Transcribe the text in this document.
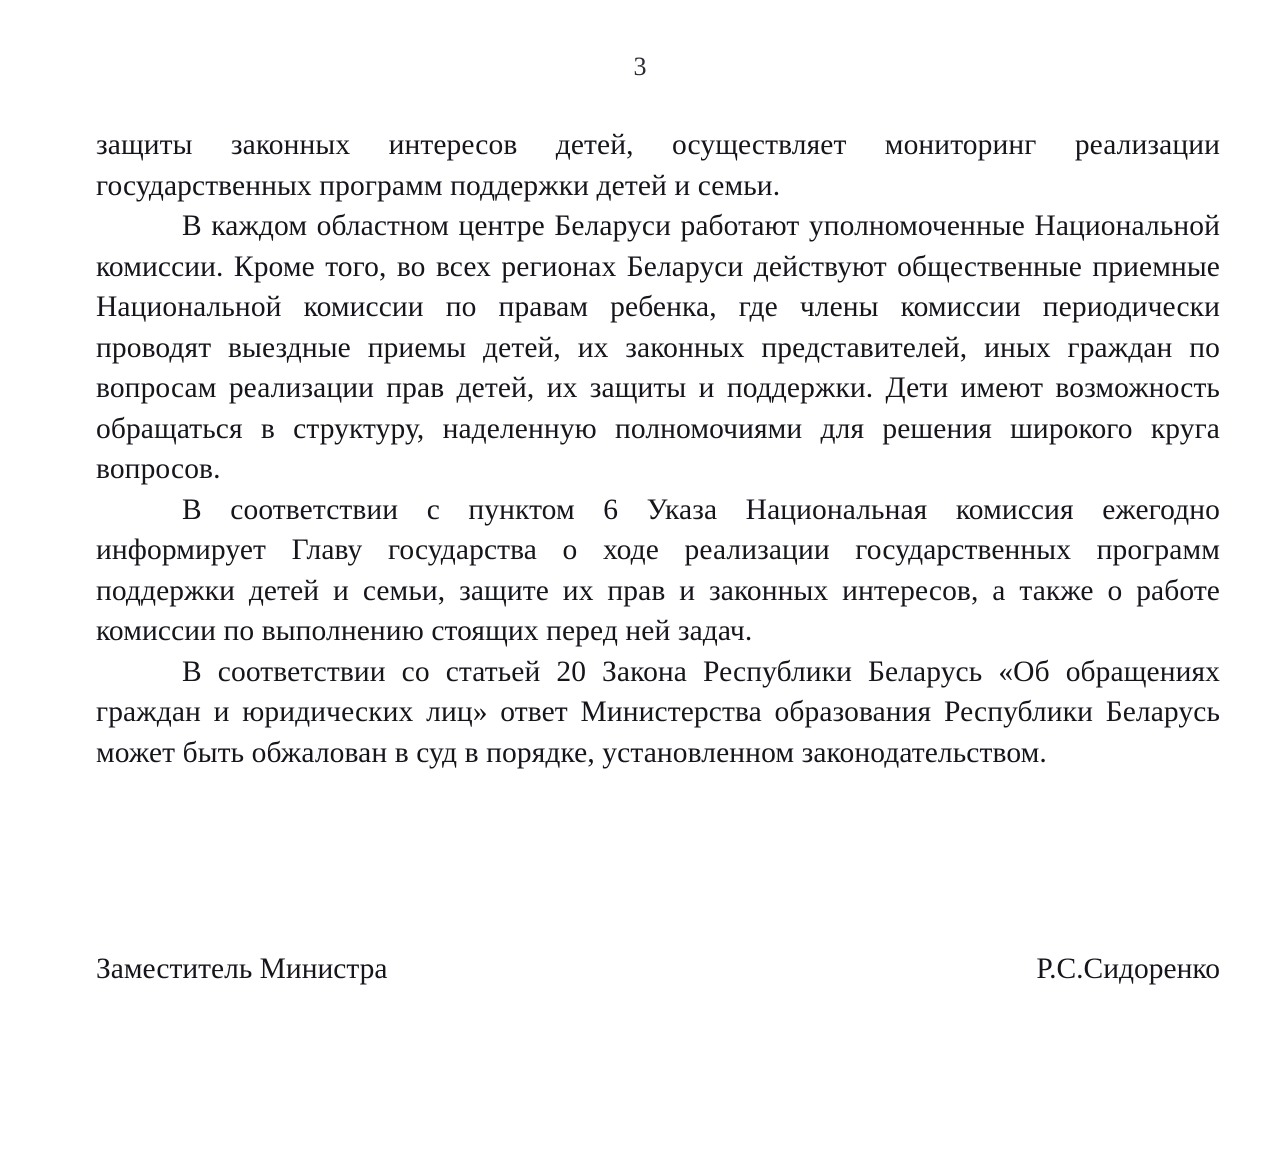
3

защиты законных интересов детей, осуществляет мониторинг реализации государственных программ поддержки детей и семьи.

В каждом областном центре Беларуси работают уполномоченные Национальной комиссии. Кроме того, во всех регионах Беларуси действуют общественные приемные Национальной комиссии по правам ребенка, где члены комиссии периодически проводят выездные приемы детей, их законных представителей, иных граждан по вопросам реализации прав детей, их защиты и поддержки. Дети имеют возможность обращаться в структуру, наделенную полномочиями для решения широкого круга вопросов.

В соответствии с пунктом 6 Указа Национальная комиссия ежегодно информирует Главу государства о ходе реализации государственных программ поддержки детей и семьи, защите их прав и законных интересов, а также о работе комиссии по выполнению стоящих перед ней задач.

В соответствии со статьей 20 Закона Республики Беларусь «Об обращениях граждан и юридических лиц» ответ Министерства образования Республики Беларусь может быть обжалован в суд в порядке, установленном законодательством.

Заместитель Министра	Р.С.Сидоренко
